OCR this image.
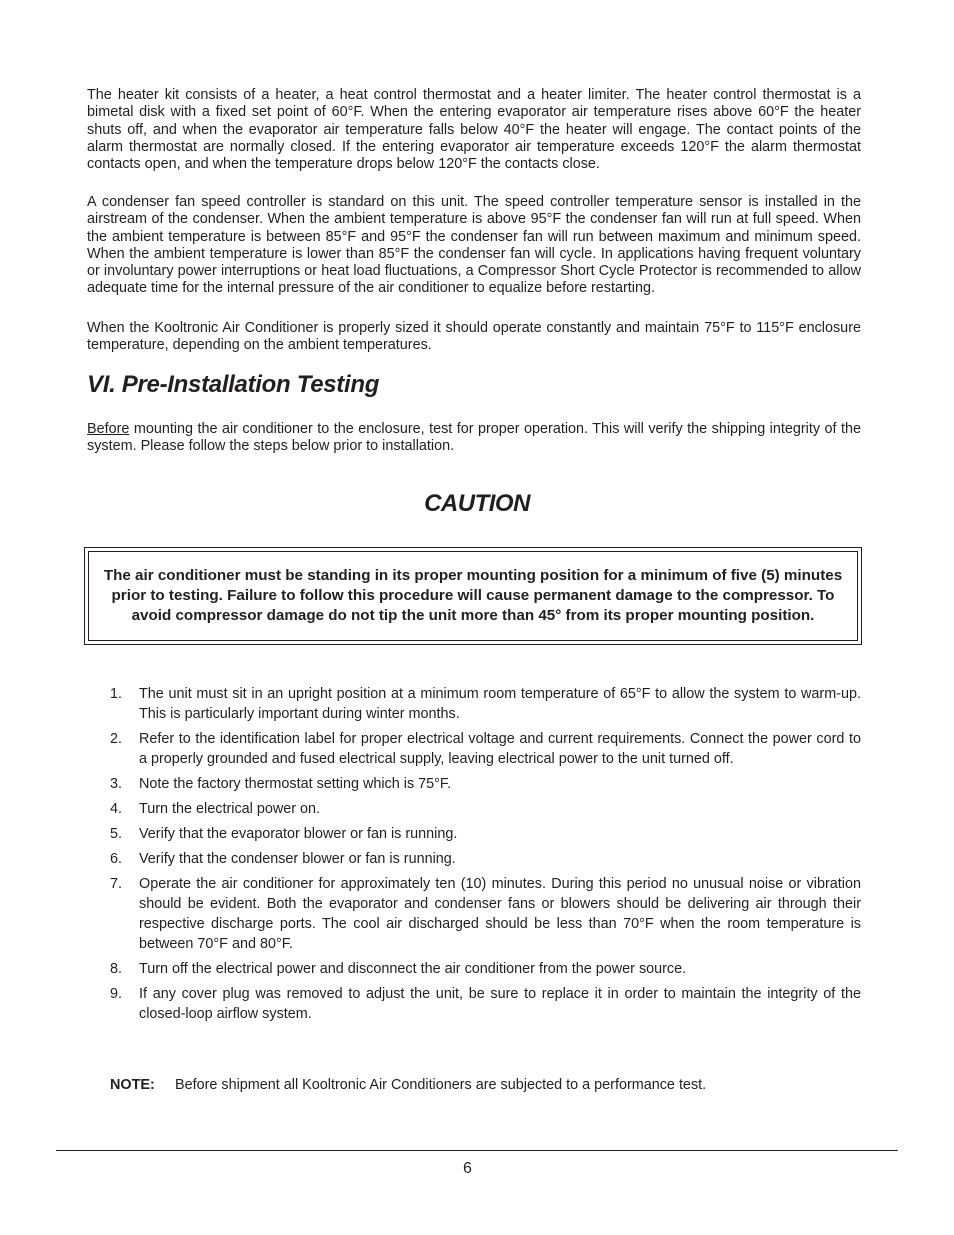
The heater kit consists of a heater, a heat control thermostat and a heater limiter. The heater control thermostat is a bimetal disk with a fixed set point of 60°F. When the entering evaporator air temperature rises above 60°F the heater shuts off, and when the evaporator air temperature falls below 40°F the heater will engage. The contact points of the alarm thermostat are normally closed. If the entering evaporator air temperature exceeds 120°F the alarm thermostat contacts open, and when the temperature drops below 120°F the contacts close.

A condenser fan speed controller is standard on this unit. The speed controller temperature sensor is installed in the airstream of the condenser. When the ambient temperature is above 95°F the condenser fan will run at full speed. When the ambient temperature is between 85°F and 95°F the condenser fan will run between maximum and minimum speed. When the ambient temperature is lower than 85°F the condenser fan will cycle. In applications having frequent voluntary or involuntary power interruptions or heat load fluctuations, a Compressor Short Cycle Protector is recommended to allow adequate time for the internal pressure of the air conditioner to equalize before restarting.

When the Kooltronic Air Conditioner is properly sized it should operate constantly and maintain 75°F to 115°F enclosure temperature, depending on the ambient temperatures.

VI. Pre-Installation Testing

Before mounting the air conditioner to the enclosure, test for proper operation. This will verify the shipping integrity of the system. Please follow the steps below prior to installation.

CAUTION

The air conditioner must be standing in its proper mounting position for a minimum of five (5) minutes prior to testing. Failure to follow this procedure will cause permanent damage to the compressor. To avoid compressor damage do not tip the unit more than 45° from its proper mounting position.

1.	The unit must sit in an upright position at a minimum room temperature of 65°F to allow the system to warm-up. This is particularly important during winter months.
2.	Refer to the identification label for proper electrical voltage and current requirements. Connect the power cord to a properly grounded and fused electrical supply, leaving electrical power to the unit turned off.
3.	Note the factory thermostat setting which is 75°F.
4.	Turn the electrical power on.
5.	Verify that the evaporator blower or fan is running.
6.	Verify that the condenser blower or fan is running.
7.	Operate the air conditioner for approximately ten (10) minutes. During this period no unusual noise or vibration should be evident. Both the evaporator and condenser fans or blowers should be delivering air through their respective discharge ports. The cool air discharged should be less than 70°F when the room temperature is between 70°F and 80°F.
8.	Turn off the electrical power and disconnect the air conditioner from the power source.
9.	If any cover plug was removed to adjust the unit, be sure to replace it in order to maintain the integrity of the closed-loop airflow system.

NOTE: Before shipment all Kooltronic Air Conditioners are subjected to a performance test.

6
